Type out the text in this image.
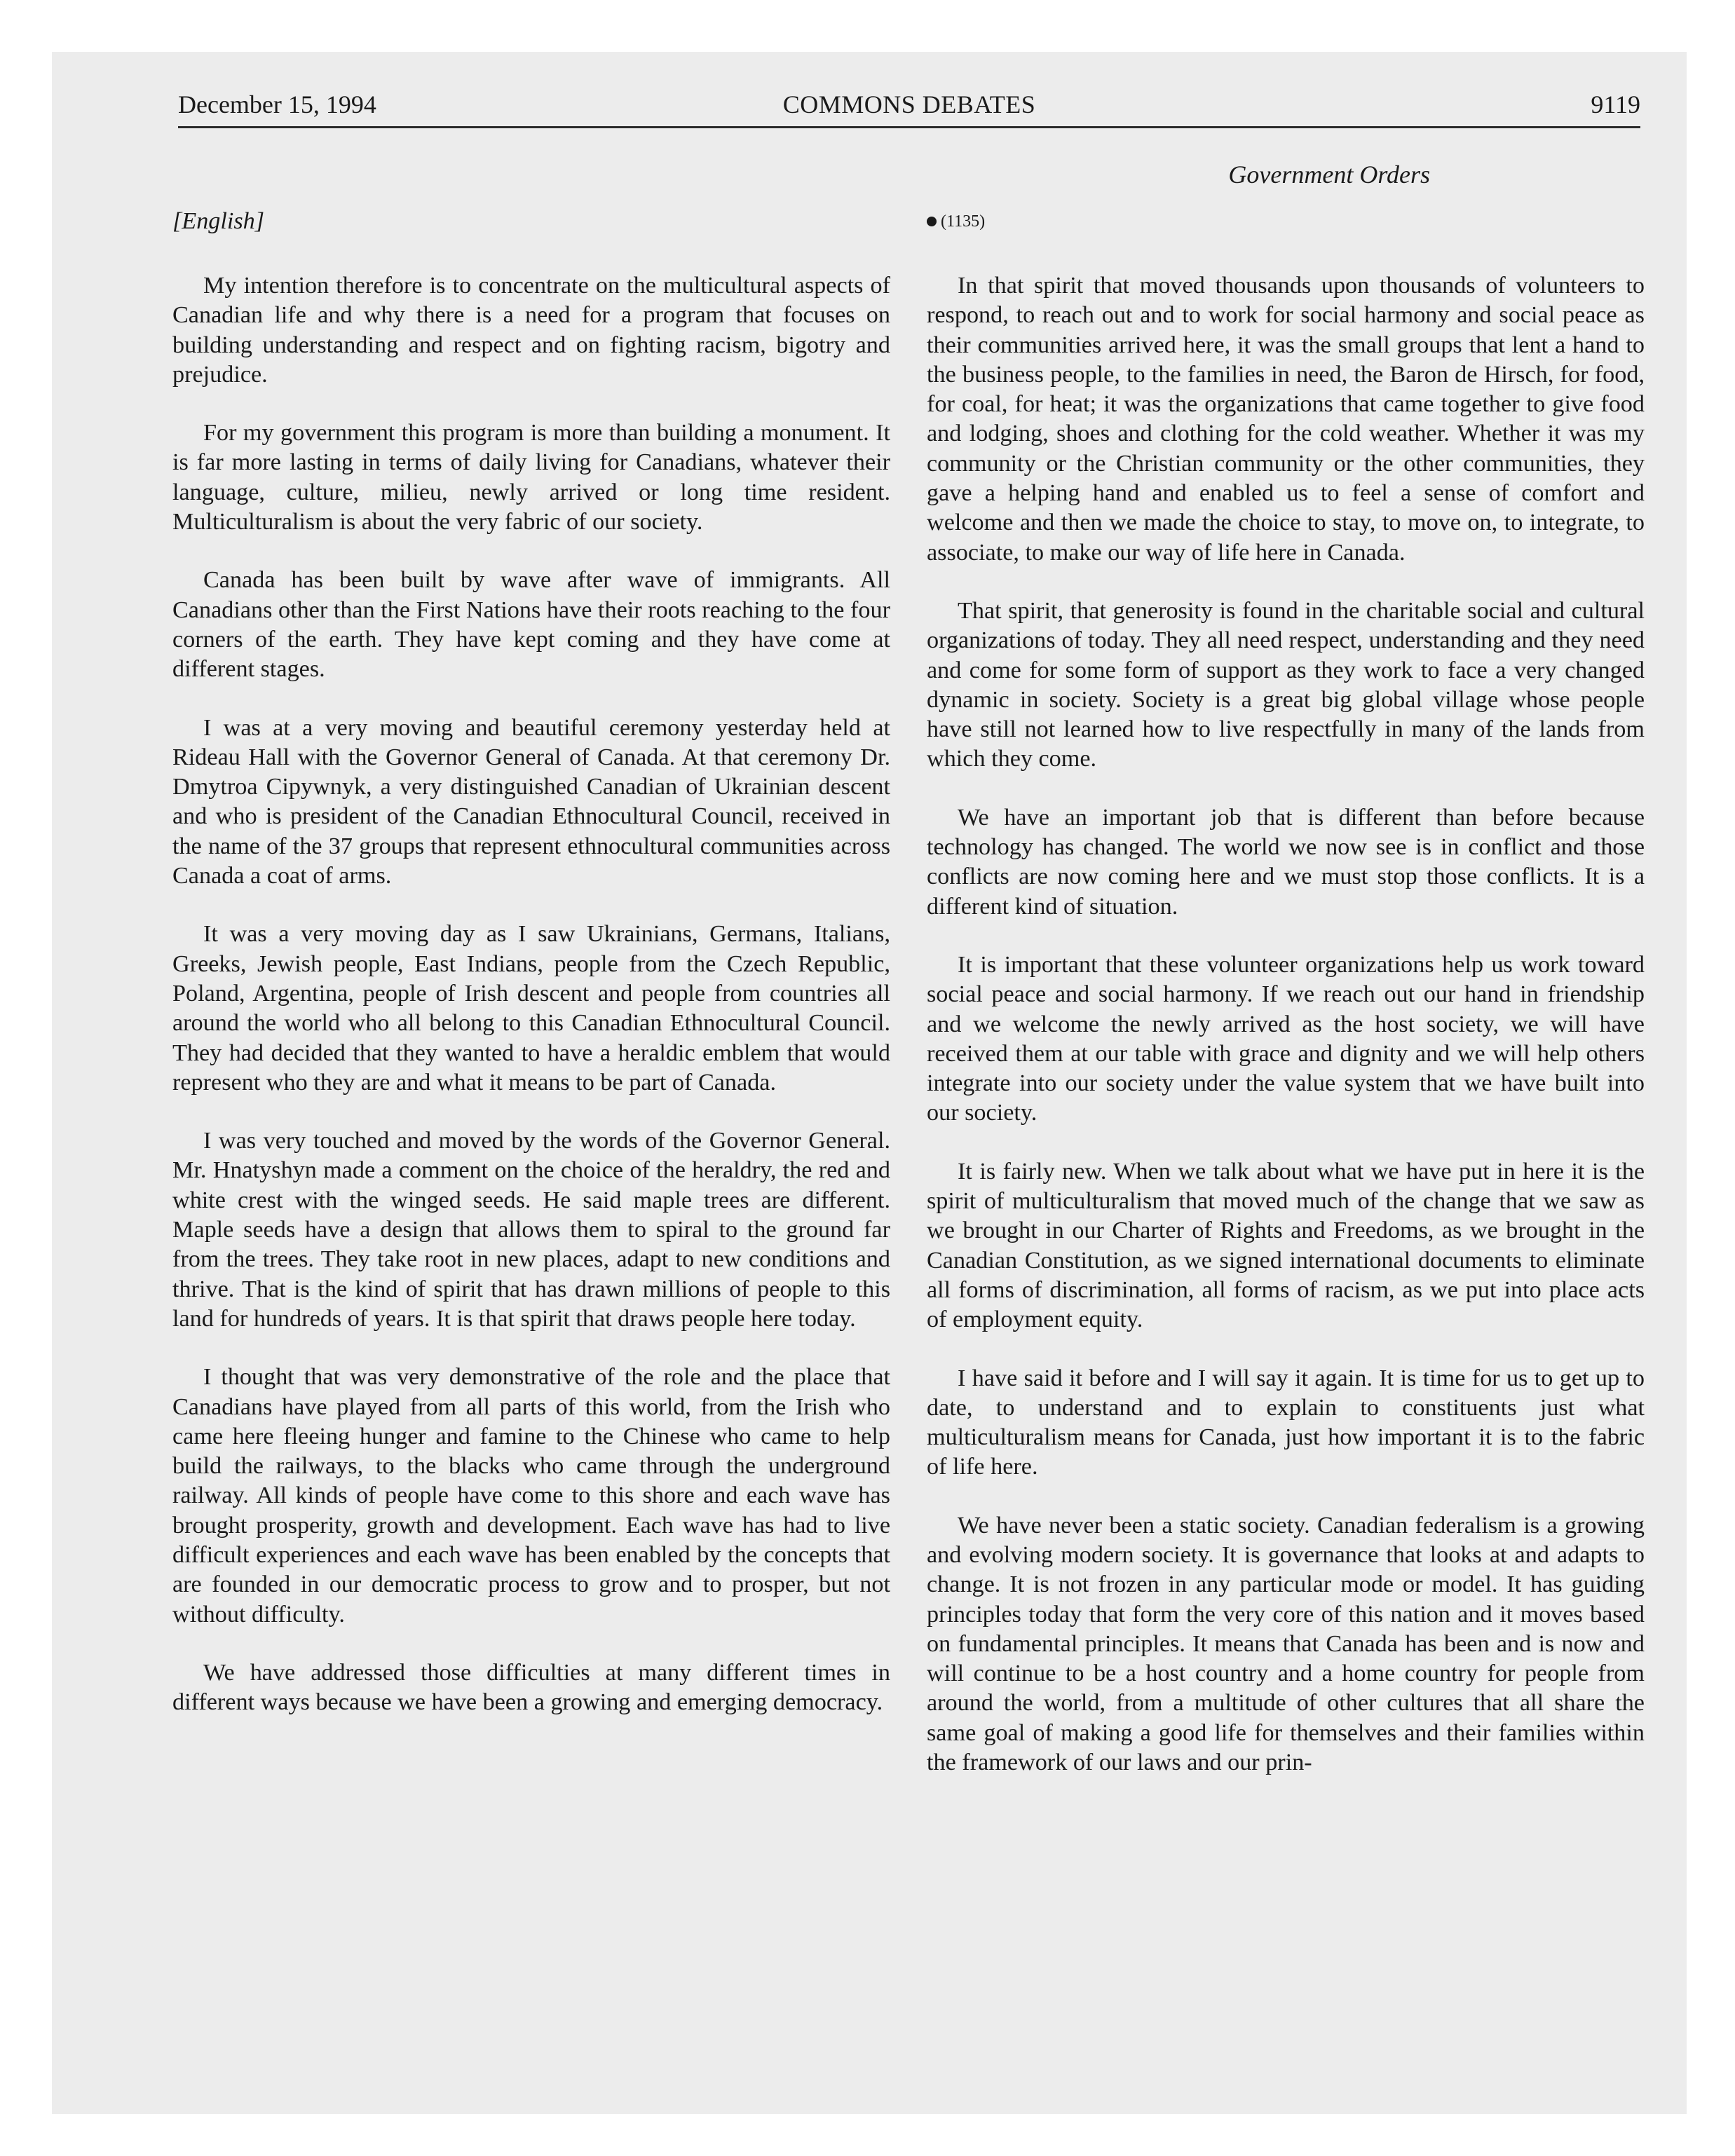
December 15, 1994	COMMONS DEBATES	9119
Government Orders
[English]

My intention therefore is to concentrate on the multicultural aspects of Canadian life and why there is a need for a program that focuses on building understanding and respect and on fighting racism, bigotry and prejudice.

For my government this program is more than building a monument. It is far more lasting in terms of daily living for Canadians, whatever their language, culture, milieu, newly arrived or long time resident. Multiculturalism is about the very fabric of our society.

Canada has been built by wave after wave of immigrants. All Canadians other than the First Nations have their roots reaching to the four corners of the earth. They have kept coming and they have come at different stages.

I was at a very moving and beautiful ceremony yesterday held at Rideau Hall with the Governor General of Canada. At that ceremony Dr. Dmytroa Cipywnyk, a very distinguished Canadian of Ukrainian descent and who is president of the Canadian Ethnocultural Council, received in the name of the 37 groups that represent ethnocultural communities across Canada a coat of arms.

It was a very moving day as I saw Ukrainians, Germans, Italians, Greeks, Jewish people, East Indians, people from the Czech Republic, Poland, Argentina, people of Irish descent and people from countries all around the world who all belong to this Canadian Ethnocultural Council. They had decided that they wanted to have a heraldic emblem that would represent who they are and what it means to be part of Canada.

I was very touched and moved by the words of the Governor General. Mr. Hnatyshyn made a comment on the choice of the heraldry, the red and white crest with the winged seeds. He said maple trees are different. Maple seeds have a design that allows them to spiral to the ground far from the trees. They take root in new places, adapt to new conditions and thrive. That is the kind of spirit that has drawn millions of people to this land for hundreds of years. It is that spirit that draws people here today.

I thought that was very demonstrative of the role and the place that Canadians have played from all parts of this world, from the Irish who came here fleeing hunger and famine to the Chinese who came to help build the railways, to the blacks who came through the underground railway. All kinds of people have come to this shore and each wave has brought prosperity, growth and development. Each wave has had to live difficult experiences and each wave has been enabled by the concepts that are founded in our democratic process to grow and to prosper, but not without difficulty.

We have addressed those difficulties at many different times in different ways because we have been a growing and emerging democracy.

(1135)

In that spirit that moved thousands upon thousands of volunteers to respond, to reach out and to work for social harmony and social peace as their communities arrived here, it was the small groups that lent a hand to the business people, to the families in need, the Baron de Hirsch, for food, for coal, for heat; it was the organizations that came together to give food and lodging, shoes and clothing for the cold weather. Whether it was my community or the Christian community or the other communities, they gave a helping hand and enabled us to feel a sense of comfort and welcome and then we made the choice to stay, to move on, to integrate, to associate, to make our way of life here in Canada.

That spirit, that generosity is found in the charitable social and cultural organizations of today. They all need respect, understanding and they need and come for some form of support as they work to face a very changed dynamic in society. Society is a great big global village whose people have still not learned how to live respectfully in many of the lands from which they come.

We have an important job that is different than before because technology has changed. The world we now see is in conflict and those conflicts are now coming here and we must stop those conflicts. It is a different kind of situation.

It is important that these volunteer organizations help us work toward social peace and social harmony. If we reach out our hand in friendship and we welcome the newly arrived as the host society, we will have received them at our table with grace and dignity and we will help others integrate into our society under the value system that we have built into our society.

It is fairly new. When we talk about what we have put in here it is the spirit of multiculturalism that moved much of the change that we saw as we brought in our Charter of Rights and Freedoms, as we brought in the Canadian Constitution, as we signed international documents to eliminate all forms of discrimination, all forms of racism, as we put into place acts of employment equity.

I have said it before and I will say it again. It is time for us to get up to date, to understand and to explain to constituents just what multiculturalism means for Canada, just how important it is to the fabric of life here.

We have never been a static society. Canadian federalism is a growing and evolving modern society. It is governance that looks at and adapts to change. It is not frozen in any particular mode or model. It has guiding principles today that form the very core of this nation and it moves based on fundamental principles. It means that Canada has been and is now and will continue to be a host country and a home country for people from around the world, from a multitude of other cultures that all share the same goal of making a good life for themselves and their families within the framework of our laws and our prin-
